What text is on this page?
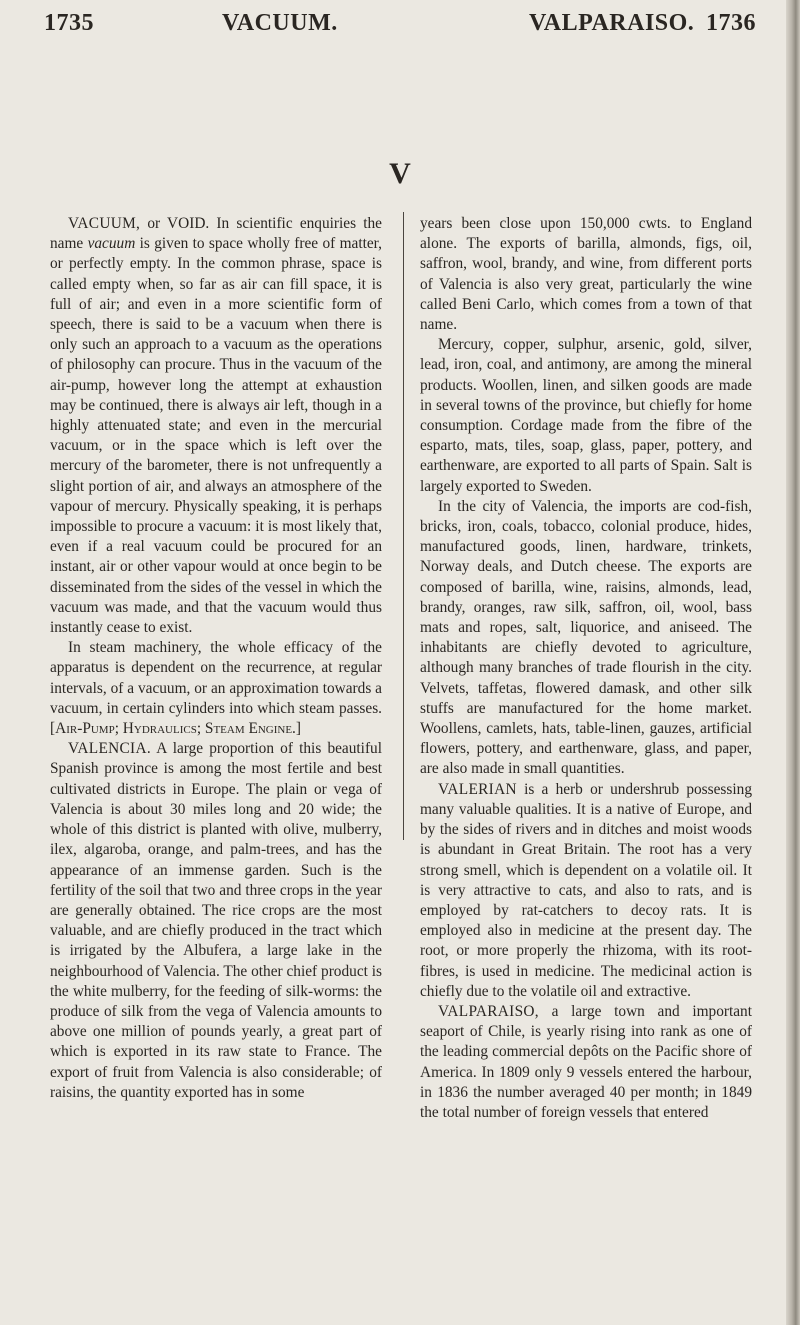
1735	VACUUM.	VALPARAISO. 1736
V

VACUUM, or VOID. In scientific enquiries the name vacuum is given to space wholly free of matter, or perfectly empty. In the common phrase, space is called empty when, so far as air can fill space, it is full of air; and even in a more scientific form of speech, there is said to be a vacuum when there is only such an approach to a vacuum as the operations of philosophy can procure. Thus in the vacuum of the air-pump, however long the attempt at exhaustion may be continued, there is always air left, though in a highly attenuated state; and even in the mercurial vacuum, or in the space which is left over the mercury of the barometer, there is not unfrequently a slight portion of air, and always an atmosphere of the vapour of mercury. Physically speaking, it is perhaps impossible to procure a vacuum: it is most likely that, even if a real vacuum could be procured for an instant, air or other vapour would at once begin to be disseminated from the sides of the vessel in which the vacuum was made, and that the vacuum would thus instantly cease to exist.

In steam machinery, the whole efficacy of the apparatus is dependent on the recurrence, at regular intervals, of a vacuum, or an approximation towards a vacuum, in certain cylinders into which steam passes. [Air-Pump; Hydraulics; Steam Engine.]

VALENCIA. A large proportion of this beautiful Spanish province is among the most fertile and best cultivated districts in Europe. The plain or vega of Valencia is about 30 miles long and 20 wide; the whole of this district is planted with olive, mulberry, ilex, algaroba, orange, and palm-trees, and has the appearance of an immense garden. Such is the fertility of the soil that two and three crops in the year are generally obtained. The rice crops are the most valuable, and are chiefly produced in the tract which is irrigated by the Albufera, a large lake in the neighbourhood of Valencia. The other chief product is the white mulberry, for the feeding of silk-worms: the produce of silk from the vega of Valencia amounts to above one million of pounds yearly, a great part of which is exported in its raw state to France. The export of fruit from Valencia is also considerable; of raisins, the quantity exported has in some

years been close upon 150,000 cwts. to England alone. The exports of barilla, almonds, figs, oil, saffron, wool, brandy, and wine, from different ports of Valencia is also very great, particularly the wine called Beni Carlo, which comes from a town of that name.

Mercury, copper, sulphur, arsenic, gold, silver, lead, iron, coal, and antimony, are among the mineral products. Woollen, linen, and silken goods are made in several towns of the province, but chiefly for home consumption. Cordage made from the fibre of the esparto, mats, tiles, soap, glass, paper, pottery, and earthenware, are exported to all parts of Spain. Salt is largely exported to Sweden.

In the city of Valencia, the imports are cod-fish, bricks, iron, coals, tobacco, colonial produce, hides, manufactured goods, linen, hardware, trinkets, Norway deals, and Dutch cheese. The exports are composed of barilla, wine, raisins, almonds, lead, brandy, oranges, raw silk, saffron, oil, wool, bass mats and ropes, salt, liquorice, and aniseed. The inhabitants are chiefly devoted to agriculture, although many branches of trade flourish in the city. Velvets, taffetas, flowered damask, and other silk stuffs are manufactured for the home market. Woollens, camlets, hats, table-linen, gauzes, artificial flowers, pottery, and earthenware, glass, and paper, are also made in small quantities.

VALERIAN is a herb or undershrub possessing many valuable qualities. It is a native of Europe, and by the sides of rivers and in ditches and moist woods is abundant in Great Britain. The root has a very strong smell, which is dependent on a volatile oil. It is very attractive to cats, and also to rats, and is employed by rat-catchers to decoy rats. It is employed also in medicine at the present day. The root, or more properly the rhizoma, with its root-fibres, is used in medicine. The medicinal action is chiefly due to the volatile oil and extractive.

VALPARAISO, a large town and important seaport of Chile, is yearly rising into rank as one of the leading commercial depôts on the Pacific shore of America. In 1809 only 9 vessels entered the harbour, in 1836 the number averaged 40 per month; in 1849 the total number of foreign vessels that entered
